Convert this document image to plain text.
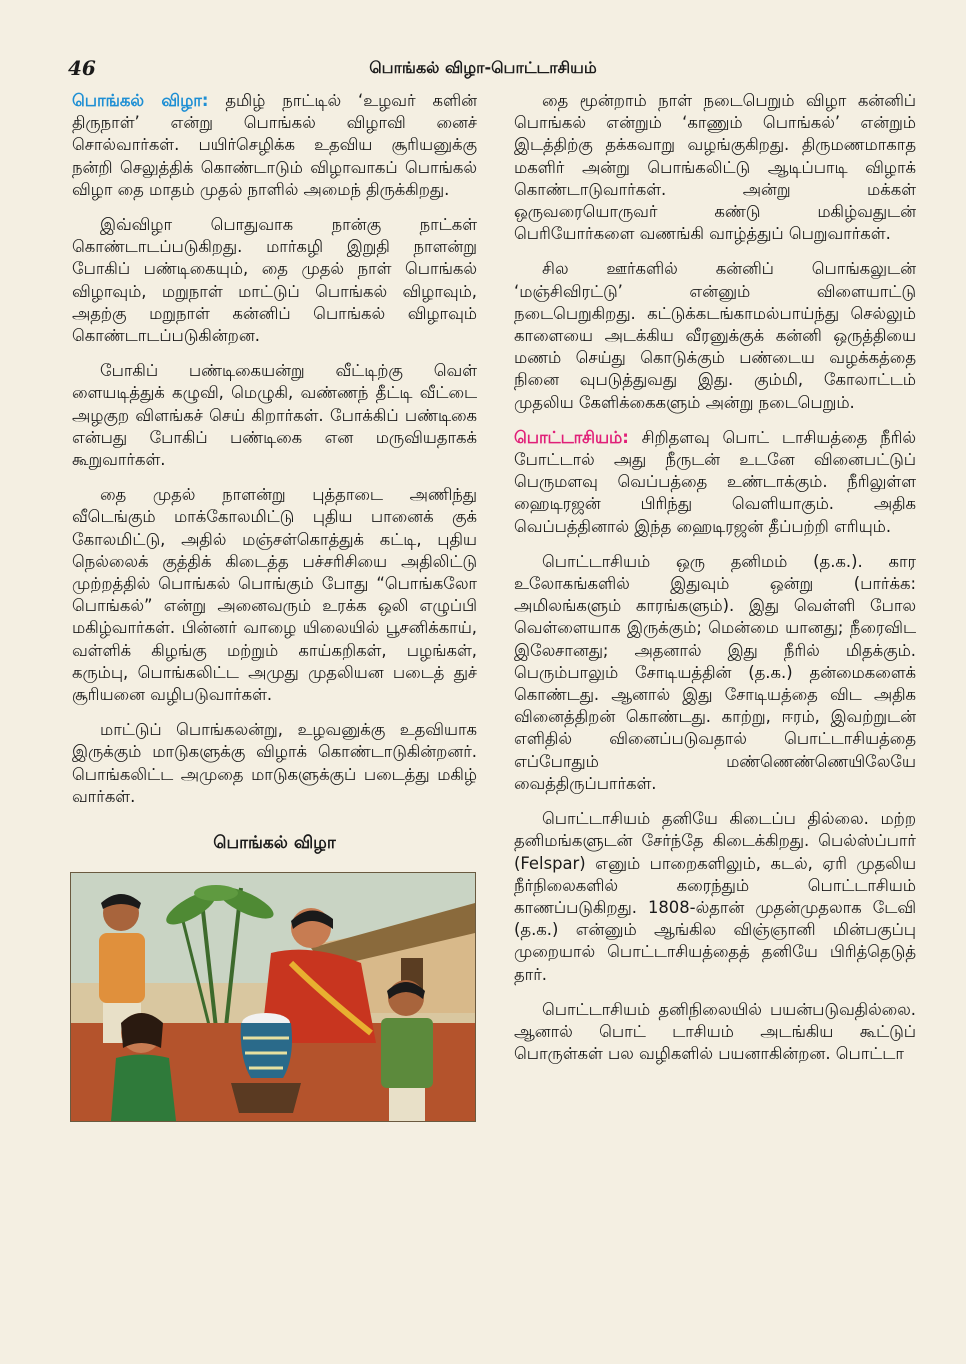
46	பொங்கல் விழா-பொட்டாசியம்

பொங்கல் விழா: தமிழ் நாட்டில் ‘உழவர் களின் திருநாள்’ என்று பொங்கல் விழாவி னைச் சொல்வார்கள். பயிர்செழிக்க உதவிய சூரியனுக்கு நன்றி செலுத்திக் கொண்டாடும் விழாவாகப் பொங்கல் விழா தை மாதம் முதல் நாளில் அமைந் திருக்கிறது.

இவ்விழா பொதுவாக நான்கு நாட்கள் கொண்டாடப்படுகிறது. மார்கழி இறுதி நாளன்று போகிப் பண்டிகையும், தை முதல் நாள் பொங்கல் விழாவும், மறுநாள் மாட்டுப் பொங்கல் விழாவும், அதற்கு மறுநாள் கன்னிப் பொங்கல் விழாவும் கொண்டாடப்படுகின்றன.

போகிப் பண்டிகையன்று வீட்டிற்கு வெள் ளையடித்துக் கழுவி, மெழுகி, வண்ணந் தீட்டி வீட்டை அழகுற விளங்கச் செய் கிறார்கள். போக்கிப் பண்டிகை என்பது போகிப் பண்டிகை என மருவியதாகக் கூறுவார்கள்.

தை முதல் நாளன்று புத்தாடை அணிந்து வீடெங்கும் மாக்கோலமிட்டு புதிய பானைக் குக் கோலமிட்டு, அதில் மஞ்சள்கொத்துக் கட்டி, புதிய நெல்லைக் குத்திக் கிடைத்த பச்சரிசியை அதிலிட்டு முற்றத்தில் பொங்கல் பொங்கும் போது “பொங்கலோ பொங்கல்” என்று அனைவரும் உரக்க ஒலி எழுப்பி மகிழ்வார்கள். பின்னர் வாழை யிலையில் பூசனிக்காய், வள்ளிக் கிழங்கு மற்றும் காய்கறிகள், பழங்கள், கரும்பு, பொங்கலிட்ட அமுது முதலியன படைத் துச் சூரியனை வழிபடுவார்கள்.

மாட்டுப் பொங்கலன்று, உழவனுக்கு உதவியாக இருக்கும் மாடுகளுக்கு விழாக் கொண்டாடுகின்றனர். பொங்கலிட்ட அமுதை மாடுகளுக்குப் படைத்து மகிழ் வார்கள்.

பொங்கல் விழா

தை மூன்றாம் நாள் நடைபெறும் விழா கன்னிப் பொங்கல் என்றும் ‘காணும் பொங்கல்’ என்றும் இடத்திற்கு தக்கவாறு வழங்குகிறது. திருமணமாகாத மகளிர் அன்று பொங்கலிட்டு ஆடிப்பாடி விழாக் கொண்டாடுவார்கள். அன்று மக்கள் ஒருவரையொருவர் கண்டு மகிழ்வதுடன் பெரியோர்களை வணங்கி வாழ்த்துப் பெறுவார்கள்.

சில ஊர்களில் கன்னிப் பொங்கலுடன் ‘மஞ்சிவிரட்டு’ என்னும் விளையாட்டு நடைபெறுகிறது. கட்டுக்கடங்காமல்பாய்ந்து செல்லும் காளையை அடக்கிய வீரனுக்குக் கன்னி ஒருத்தியை மணம் செய்து கொடுக்கும் பண்டைய வழக்கத்தை நினை வுபடுத்துவது இது. கும்மி, கோலாட்டம் முதலிய கேளிக்கைகளும் அன்று நடைபெறும்.

பொட்டாசியம்: சிறிதளவு பொட் டாசியத்தை நீரில் போட்டால் அது நீருடன் உடனே வினைபட்டுப் பெருமளவு வெப்பத்தை உண்டாக்கும். நீரிலுள்ள ஹைடிரஜன் பிரிந்து வெளியாகும். அதிக வெப்பத்தினால் இந்த ஹைடிரஜன் தீப்பற்றி எரியும்.

பொட்டாசியம் ஒரு தனிமம் (த.க.). கார உலோகங்களில் இதுவும் ஒன்று (பார்க்க: அமிலங்களும் காரங்களும்). இது வெள்ளி போல வெள்ளையாக இருக்கும்; மென்மை யானது; நீரைவிட இலேசானது; அதனால் இது நீரில் மிதக்கும். பெரும்பாலும் சோடியத்தின் (த.க.) தன்மைகளைக் கொண்டது. ஆனால் இது சோடியத்தை விட அதிக வினைத்திறன் கொண்டது. காற்று, ஈரம், இவற்றுடன் எளிதில் வினைப்படுவதால் பொட்டாசியத்தை எப்போதும் மண்ணெண்ணெயிலேயே வைத்திருப்பார்கள்.

பொட்டாசியம் தனியே கிடைப்ப தில்லை. மற்ற தனிமங்களுடன் சேர்ந்தே கிடைக்கிறது. பெல்ஸ்ப்பார் (Felspar) எனும் பாறைகளிலும், கடல், ஏரி முதலிய நீர்நிலைகளில் கரைந்தும் பொட்டாசியம் காணப்படுகிறது. 1808-ல்தான் முதன்முதலாக டேவி (த.க.) என்னும் ஆங்கில விஞ்ஞானி மின்பகுப்பு முறையால் பொட்டாசியத்தைத் தனியே பிரித்தெடுத் தார்.

பொட்டாசியம் தனிநிலையில் பயன்படுவதில்லை. ஆனால் பொட் டாசியம் அடங்கிய கூட்டுப் பொருள்கள் பல வழிகளில் பயனாகின்றன. பொட்டா
